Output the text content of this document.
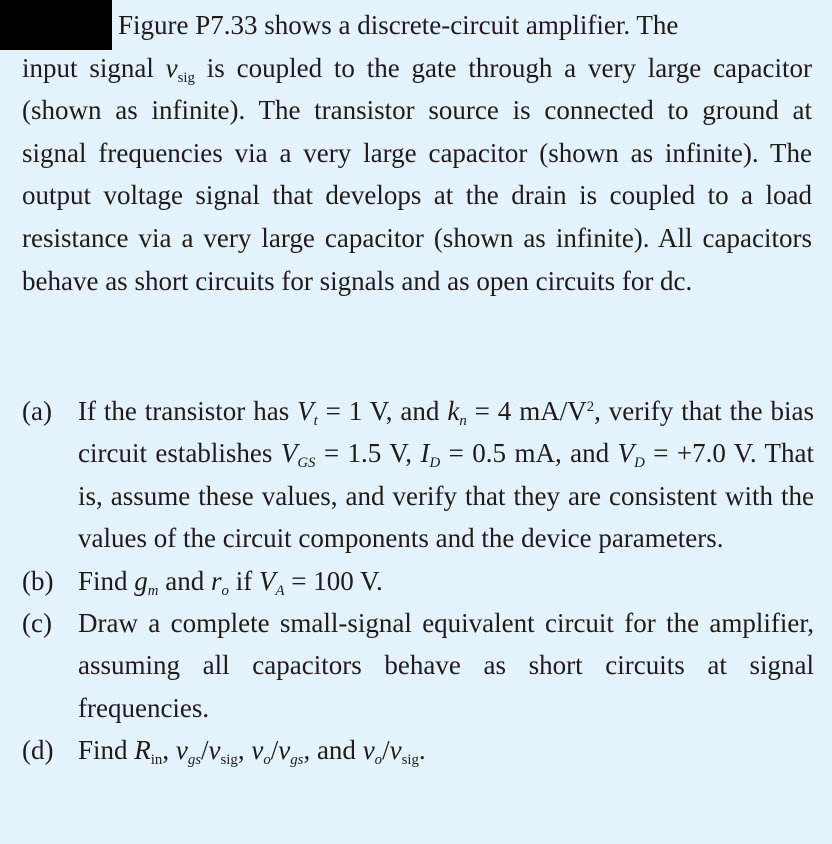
Figure P7.33 shows a discrete-circuit amplifier. The
input signal $v_{sig}$ is coupled to the gate through a very large capacitor (shown as infinite). The transistor source is connected to ground at signal frequencies via a very large capacitor (shown as infinite). The output voltage signal that develops at the drain is coupled to a load resistance via a very large capacitor (shown as infinite). All capacitors behave as short circuits for signals and as open circuits for dc.
(a) If the transistor has $V_t = 1$ V, and $k_n = 4$ $mA/V^2$, verify that the bias circuit establishes $V_{GS} = 1.5$ V, $I_D = 0.5$ mA, and $V_D = +7.0$ V. That is, assume these values, and verify that they are consistent with the values of the circuit components and the device parameters.
(b) Find $g_m$ and $r_o$ if $V_A = 100$ V.
(c) Draw a complete small-signal equivalent circuit for the amplifier, assuming all capacitors behave as short circuits at signal frequencies.
(d) Find $R_{in}$, $v_{gs}/v_{sig}$, $v_o/v_{gs}$, and $v_o/v_{sig}$.
